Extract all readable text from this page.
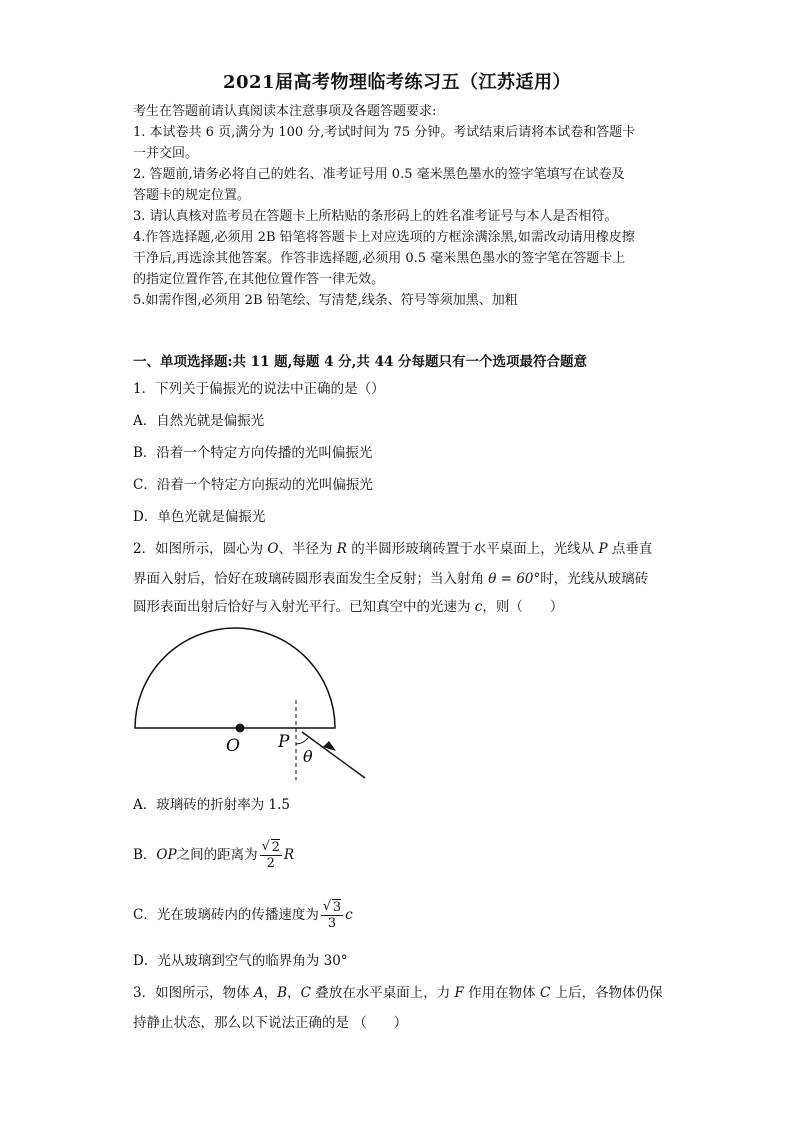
2021届高考物理临考练习五（江苏适用）
考生在答题前请认真阅读本注意事项及各题答题要求:
1. 本试卷共 6 页,满分为 100 分,考试时间为 75 分钟。考试结束后请将本试卷和答题卡
一并交回。
2. 答题前,请务必将自己的姓名、准考证号用 0.5 毫米黑色墨水的签字笔填写在试卷及
答题卡的规定位置。
3. 请认真核对监考员在答题卡上所粘贴的条形码上的姓名准考证号与本人是否相符。
4.作答选择题,必须用 2B 铅笔将答题卡上对应选项的方框涂满涂黑,如需改动请用橡皮擦
干净后,再选涂其他答案。作答非选择题,必须用 0.5 毫米黑色墨水的签字笔在答题卡上
的指定位置作答,在其他位置作答一律无效。
5.如需作图,必须用 2B 铅笔绘、写清楚,线条、符号等须加黑、加粗
一、单项选择题:共 11 题,每题 4 分,共 44 分每题只有一个选项最符合题意
1．下列关于偏振光的说法中正确的是（）
A．自然光就是偏振光
B．沿着一个特定方向传播的光叫偏振光
C．沿着一个特定方向振动的光叫偏振光
D．单色光就是偏振光
2．如图所示，圆心为 O、半径为 R 的半圆形玻璃砖置于水平桌面上，光线从 P 点垂直
界面入射后，恰好在玻璃砖圆形表面发生全反射；当入射角 θ = 60°时，光线从玻璃砖
圆形表面出射后恰好与入射光平行。已知真空中的光速为 c，则（　　）
O P
θ
A．玻璃砖的折射率为 1.5
B．OP之间的距离为 √ $\frac{2}{2}$ R
C．光在玻璃砖内的传播速度为 √ $\frac{3}{3}$ c
D．光从玻璃到空气的临界角为 30°
3．如图所示，物体 A，B，C 叠放在水平桌面上，力 F 作用在物体 C 上后，各物体仍保
持静止状态，那么以下说法正确的是 （　　）
